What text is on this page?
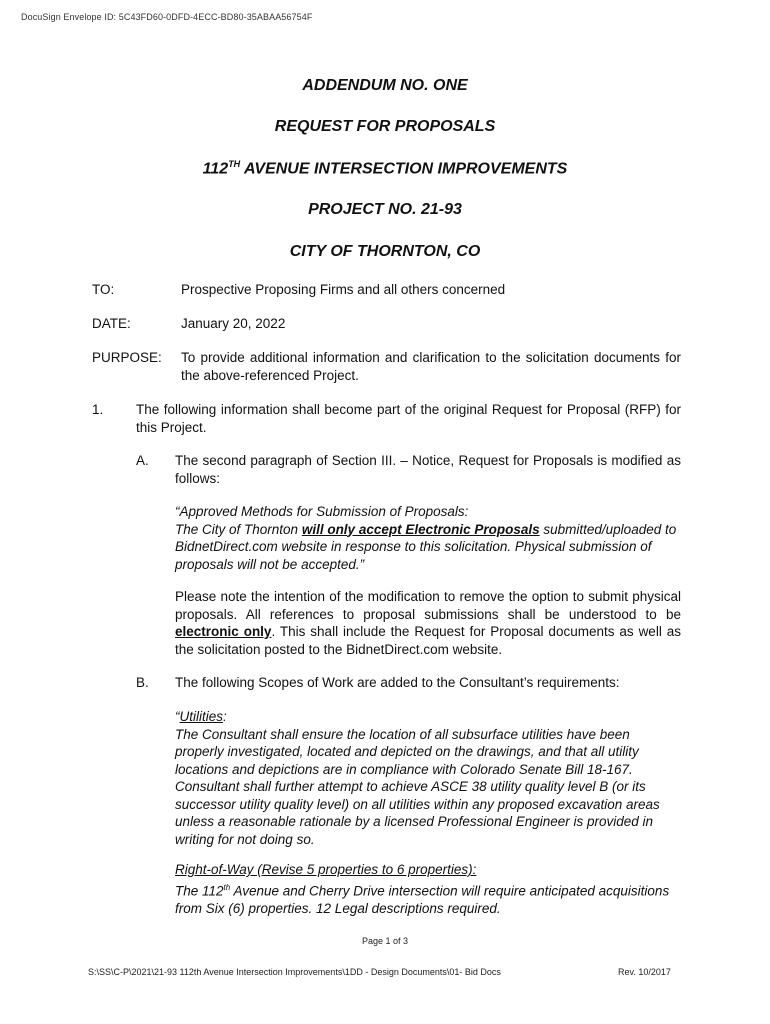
DocuSign Envelope ID: 5C43FD60-0DFD-4ECC-BD80-35ABAA56754F
ADDENDUM NO. ONE
REQUEST FOR PROPOSALS
112TH AVENUE INTERSECTION IMPROVEMENTS
PROJECT NO. 21-93
CITY OF THORNTON, CO
TO:	Prospective Proposing Firms and all others concerned
DATE:	January 20, 2022
PURPOSE: To provide additional information and clarification to the solicitation documents for the above-referenced Project.
1. The following information shall become part of the original Request for Proposal (RFP) for this Project.
A. The second paragraph of Section III. – Notice, Request for Proposals is modified as follows:
“Approved Methods for Submission of Proposals:
The City of Thornton will only accept Electronic Proposals submitted/uploaded to BidnetDirect.com website in response to this solicitation. Physical submission of proposals will not be accepted.”
Please note the intention of the modification to remove the option to submit physical proposals. All references to proposal submissions shall be understood to be electronic only. This shall include the Request for Proposal documents as well as the solicitation posted to the BidnetDirect.com website.
B. The following Scopes of Work are added to the Consultant’s requirements:
“Utilities:
The Consultant shall ensure the location of all subsurface utilities have been properly investigated, located and depicted on the drawings, and that all utility locations and depictions are in compliance with Colorado Senate Bill 18-167. Consultant shall further attempt to achieve ASCE 38 utility quality level B (or its successor utility quality level) on all utilities within any proposed excavation areas unless a reasonable rationale by a licensed Professional Engineer is provided in writing for not doing so.
Right-of-Way (Revise 5 properties to 6 properties):
The 112th Avenue and Cherry Drive intersection will require anticipated acquisitions from Six (6) properties. 12 Legal descriptions required.
Page 1 of 3
S:\SS\C-P\2021\21-93 112th Avenue Intersection Improvements\1DD - Design Documents\01- Bid Docs	Rev. 10/2017
